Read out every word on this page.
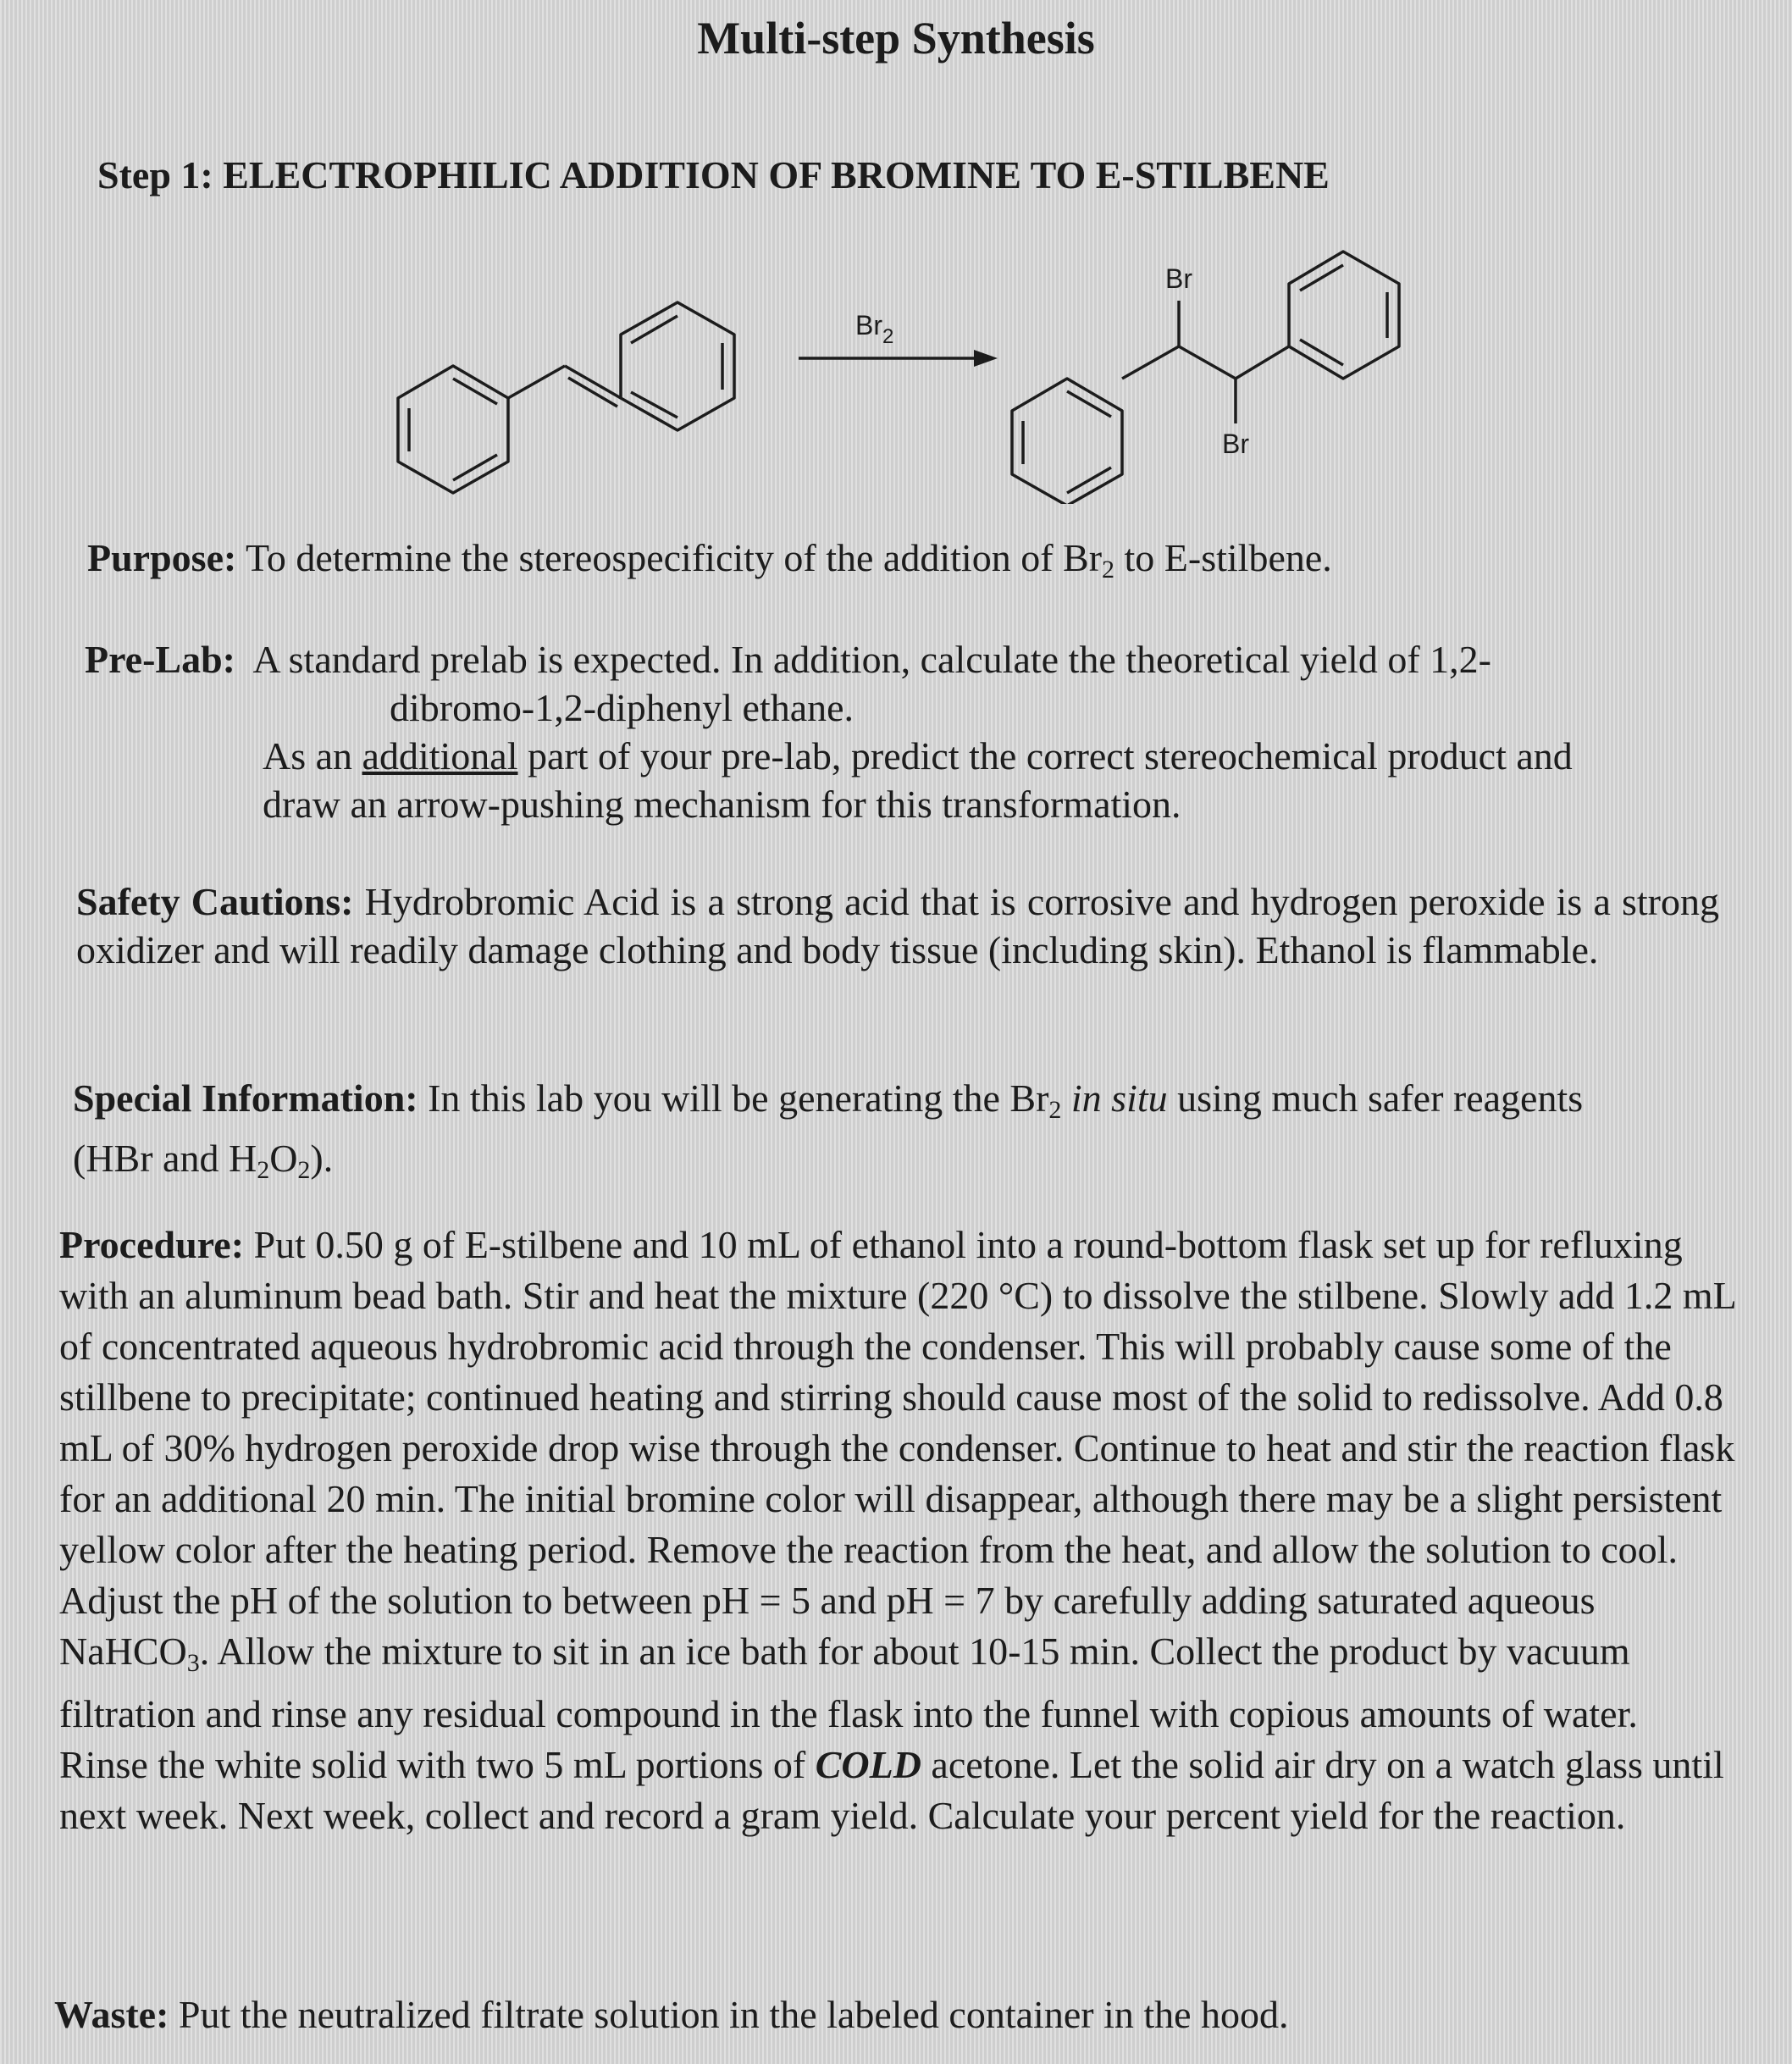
Multi-step Synthesis
Step 1: ELECTROPHILIC ADDITION OF BROMINE TO E-STILBENE
$Br_2$
Br
Br
Purpose: To determine the stereospecificity of the addition of $Br_2$ to E-stilbene.
Pre-Lab:  A standard prelab is expected. In addition, calculate the theoretical yield of 1,2-
dibromo-1,2-diphenyl ethane.
As an additional part of your pre-lab, predict the correct stereochemical product and
draw an arrow-pushing mechanism for this transformation.
Safety Cautions: Hydrobromic Acid is a strong acid that is corrosive and hydrogen peroxide is a strong oxidizer and will readily damage clothing and body tissue (including skin). Ethanol is flammable.
Special Information: In this lab you will be generating the $Br_2$ in situ using much safer reagents
(HBr and $H_2O_2$).
Procedure: Put 0.50 g of E-stilbene and 10 mL of ethanol into a round-bottom flask set up for refluxing with an aluminum bead bath. Stir and heat the mixture (220 °C) to dissolve the stilbene. Slowly add 1.2 mL of concentrated aqueous hydrobromic acid through the condenser. This will probably cause some of the stillbene to precipitate; continued heating and stirring should cause most of the solid to redissolve. Add 0.8 mL of 30% hydrogen peroxide drop wise through the condenser. Continue to heat and stir the reaction flask for an additional 20 min. The initial bromine color will disappear, although there may be a slight persistent yellow color after the heating period. Remove the reaction from the heat, and allow the solution to cool. Adjust the pH of the solution to between pH = 5 and pH = 7 by carefully adding saturated aqueous NaHCO$_3$. Allow the mixture to sit in an ice bath for about 10-15 min. Collect the product by vacuum filtration and rinse any residual compound in the flask into the funnel with copious amounts of water. Rinse the white solid with two 5 mL portions of COLD acetone. Let the solid air dry on a watch glass until next week. Next week, collect and record a gram yield. Calculate your percent yield for the reaction.
Waste: Put the neutralized filtrate solution in the labeled container in the hood.
